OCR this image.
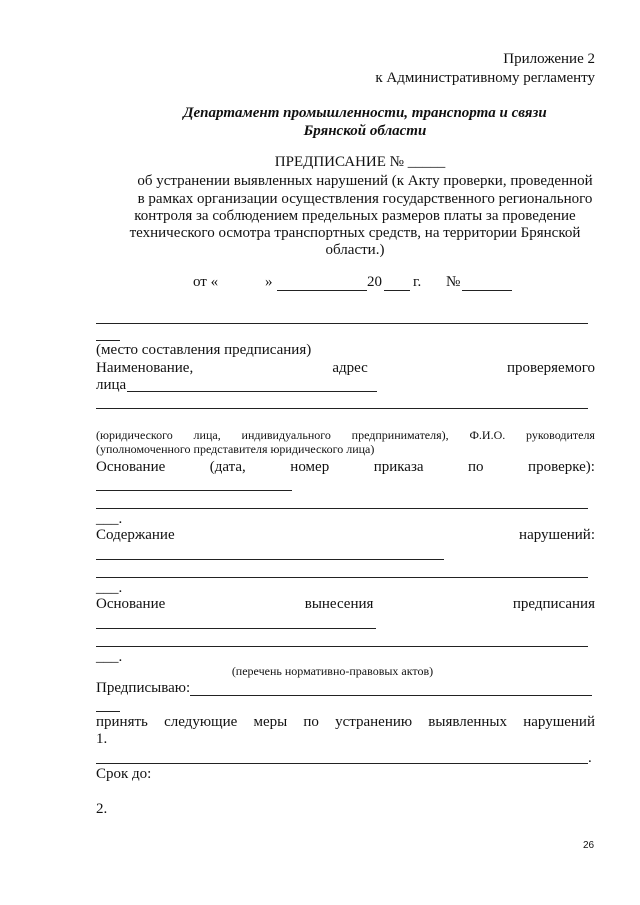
Приложение 2
к Административному регламенту
Департамент промышленности, транспорта и связи
Брянской области
ПРЕДПИСАНИЕ № _____
об устранении выявленных нарушений (к Акту проверки, проведенной
в рамках организации осуществления государственного регионального
контроля за соблюдением предельных размеров платы за проведение
технического осмотра транспортных средств, на территории Брянской
области.)
от «	»	20 г. №
(место составления предписания)
Наименование,	адрес	проверяемого
лица
(юридического лица, индивидуального предпринимателя), Ф.И.О. руководителя
(уполномоченного представителя юридического лица)
Основание	(дата,	номер	приказа	по	проверке):
___.
Содержание	нарушений:
___.
Основание	вынесения	предписания
___.
(перечень нормативно-правовых актов)
Предписываю:
принять следующие меры по устранению выявленных нарушений
1.
.
Срок до:
2.
26
